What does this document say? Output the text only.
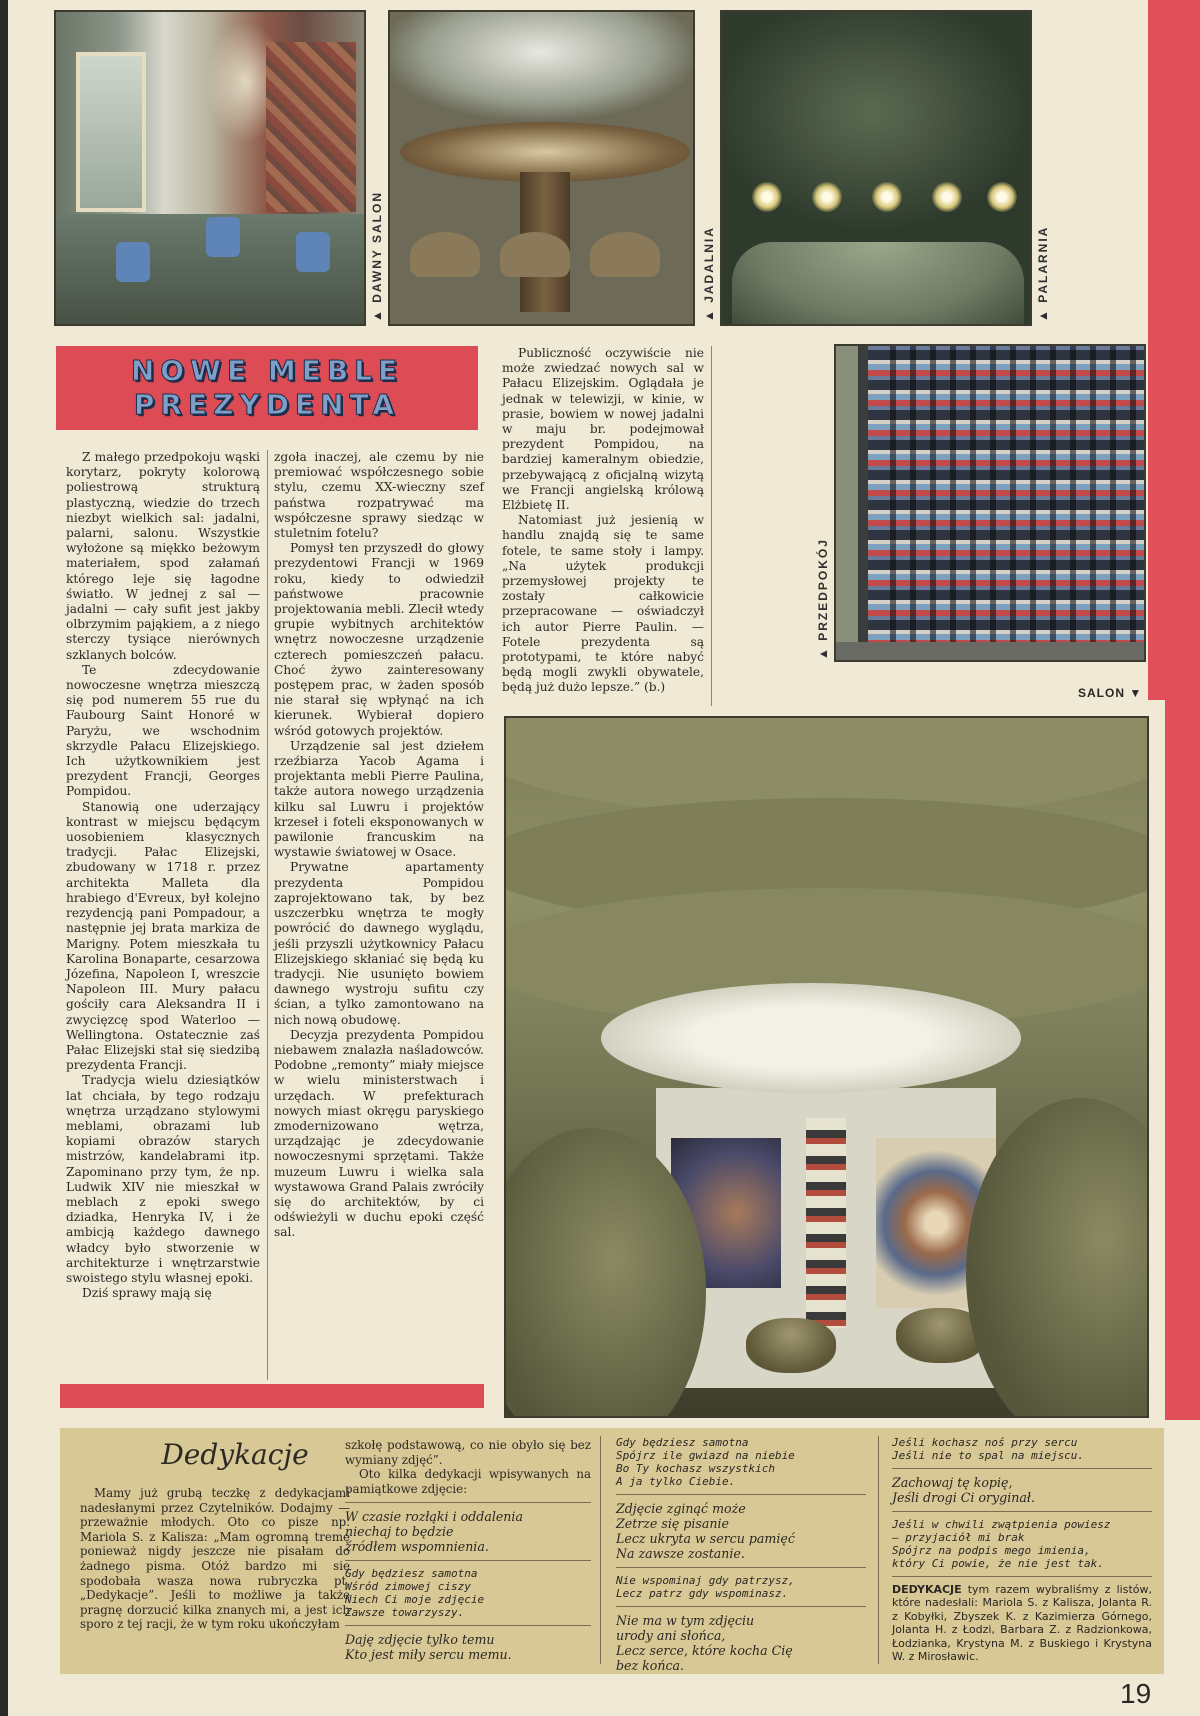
▲ DAWNY SALON	▲ JADALNIA	▲ PALARNIA
▲ PRZEDPOKÓJ
NOWE MEBLE
PREZYDENTA

Z małego przedpokoju wąski korytarz, pokryty kolorową poliestrową strukturą plastyczną, wiedzie do trzech niezbyt wielkich sal: jadalni, palarni, salonu. Wszystkie wyłożone są miękko beżowym materiałem, spod załamań którego leje się łagodne światło. W jednej z sal — jadalni — cały sufit jest jakby olbrzymim pająkiem, a z niego sterczy tysiące nierównych szklanych bolców.

Te zdecydowanie nowoczesne wnętrza mieszczą się pod numerem 55 rue du Faubourg Saint Honoré w Paryżu, we wschodnim skrzydle Pałacu Elizejskiego. Ich użytkownikiem jest prezydent Francji, Georges Pompidou.

Stanowią one uderzający kontrast w miejscu będącym uosobieniem klasycznych tradycji. Pałac Elizejski, zbudowany w 1718 r. przez architekta Malleta dla hrabiego d'Evreux, był kolejno rezydencją pani Pompadour, a następnie jej brata markiza de Marigny. Potem mieszkała tu Karolina Bonaparte, cesarzowa Józefina, Napoleon I, wreszcie Napoleon III. Mury pałacu gościły cara Aleksandra II i zwycięzcę spod Waterloo — Wellingtona. Ostatecznie zaś Pałac Elizejski stał się siedzibą prezydenta Francji.

Tradycja wielu dziesiątków lat chciała, by tego rodzaju wnętrza urządzano stylowymi meblami, obrazami lub kopiami obrazów starych mistrzów, kandelabrami itp. Zapominano przy tym, że np. Ludwik XIV nie mieszkał w meblach z epoki swego dziadka, Henryka IV, i że ambicją każdego dawnego władcy było stworzenie w architekturze i wnętrzarstwie swoistego stylu własnej epoki.

Dziś sprawy mają się

zgoła inaczej, ale czemu by nie premiować współczesnego sobie stylu, czemu XX-wieczny szef państwa rozpatrywać ma współczesne sprawy siedząc w stuletnim fotelu?

Pomysł ten przyszedł do głowy prezydentowi Francji w 1969 roku, kiedy to odwiedził państwowe pracownie projektowania mebli. Zlecił wtedy grupie wybitnych architektów wnętrz nowoczesne urządzenie czterech pomieszczeń pałacu. Choć żywo zainteresowany postępem prac, w żaden sposób nie starał się wpłynąć na ich kierunek. Wybierał dopiero wśród gotowych projektów.

Urządzenie sal jest dziełem rzeźbiarza Yacob Agama i projektanta mebli Pierre Paulina, także autora nowego urządzenia kilku sal Luwru i projektów krzeseł i foteli eksponowanych w pawilonie francuskim na wystawie światowej w Osace.

Prywatne apartamenty prezydenta Pompidou zaprojektowano tak, by bez uszczerbku wnętrza te mogły powrócić do dawnego wyglądu, jeśli przyszli użytkownicy Pałacu Elizejskiego skłaniać się będą ku tradycji. Nie usunięto bowiem dawnego wystroju sufitu czy ścian, a tylko zamontowano na nich nową obudowę.

Decyzja prezydenta Pompidou niebawem znalazła naśladowców. Podobne „remonty” miały miejsce w wielu ministerstwach i urzędach. W prefekturach nowych miast okręgu paryskiego zmodernizowano wętrza, urządzając je zdecydowanie nowoczesnymi sprzętami. Także muzeum Luwru i wielka sala wystawowa Grand Palais zwróciły się do architektów, by ci odświeżyli w duchu epoki część sal.

Publiczność oczywiście nie może zwiedzać nowych sal w Pałacu Elizejskim. Oglądała je jednak w telewizji, w kinie, w prasie, bowiem w nowej jadalni w maju br. podejmował prezydent Pompidou, na bardziej kameralnym obiedzie, przebywającą z oficjalną wizytą we Francji angielską królową Elżbietę II.

Natomiast już jesienią w handlu znajdą się te same fotele, te same stoły i lampy. „Na użytek produkcji przemysłowej projekty te zostały całkowicie przepracowane — oświadczył ich autor Pierre Paulin. — Fotele prezydenta są prototypami, te które nabyć będą mogli zwykli obywatele, będą już dużo lepsze.” (b.)	SALON ▼
Dedykacje

Mamy już grubą teczkę z dedykacjami nadesłanymi przez Czytelników. Dodajmy — przeważnie młodych. Oto co pisze np. Mariola S. z Kalisza: „Mam ogromną tremę ponieważ nigdy jeszcze nie pisałam do żadnego pisma. Otóż bardzo mi się spodobała wasza nowa rubryczka pt. „Dedykacje”. Jeśli to możliwe ja także pragnę dorzucić kilka znanych mi, a jest ich sporo z tej racji, że w tym roku ukończyłam

szkołę podstawową, co nie obyło się bez wymiany zdjęć”.

Oto kilka dedykacji wpisywanych na pamiątkowe zdjęcie:

W czasie rozłąki i oddalenia
niechaj to będzie
źródłem wspomnienia.
Gdy będziesz samotna
Wśród zimowej ciszy
Niech Ci moje zdjęcie
Zawsze towarzyszy.
Daję zdjęcie tylko temu
Kto jest miły sercu memu.
Gdy będziesz samotna
Spójrz ile gwiazd na niebie
Bo Ty kochasz wszystkich
A ja tylko Ciebie.
Zdjęcie zginąć może
Zetrze się pisanie
Lecz ukryta w sercu pamięć
Na zawsze zostanie.
Nie wspominaj gdy patrzysz,
Lecz patrz gdy wspominasz.
Nie ma w tym zdjęciu
urody ani słońca,
Lecz serce, które kocha Cię
bez końca.
Jeśli kochasz noś przy sercu
Jeśli nie to spal na miejscu.
Zachowaj tę kopię,
Jeśli drogi Ci oryginał.
Jeśli w chwili zwątpienia powiesz
— przyjaciół mi brak
Spójrz na podpis mego imienia,
który Ci powie, że nie jest tak.

DEDYKACJE tym razem wybraliśmy z listów, które nadesłali: Mariola S. z Kalisza, Jolanta R. z Kobyłki, Zbyszek K. z Kazimierza Górnego, Jolanta H. z Łodzi, Barbara Z. z Radzionkowa, Łodzianka, Krystyna M. z Buskiego i Krystyna W. z Mirosławic.

19
